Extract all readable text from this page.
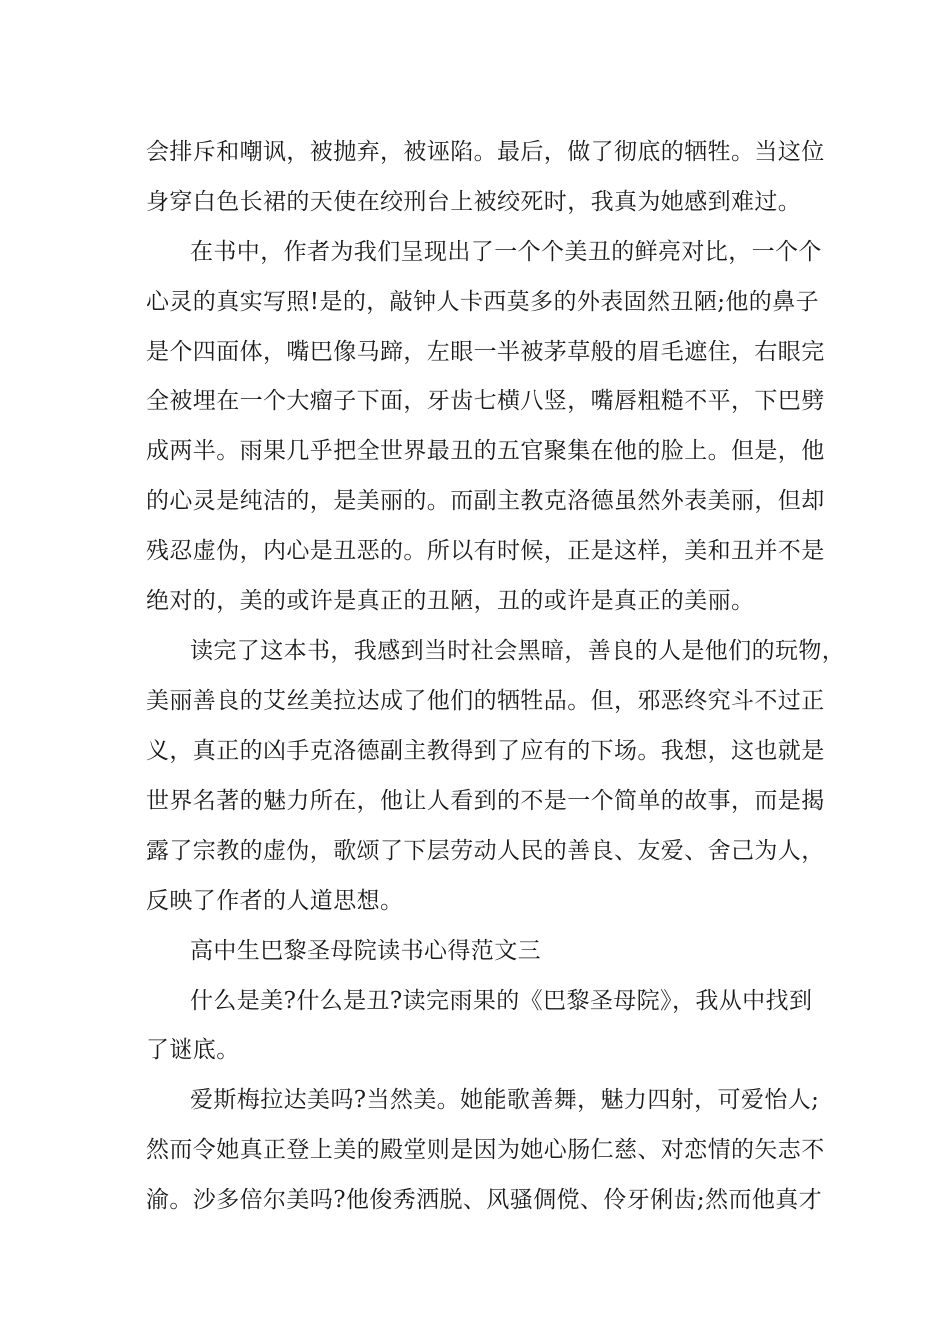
会排斥和嘲讽，被抛弃，被诬陷。最后，做了彻底的牺牲。当这位
身穿白色长裙的天使在绞刑台上被绞死时，我真为她感到难过。
在书中，作者为我们呈现出了一个个美丑的鲜亮对比，一个个
心灵的真实写照!是的，敲钟人卡西莫多的外表固然丑陋;他的鼻子
是个四面体，嘴巴像马蹄，左眼一半被茅草般的眉毛遮住，右眼完
全被埋在一个大瘤子下面，牙齿七横八竖，嘴唇粗糙不平，下巴劈
成两半。雨果几乎把全世界最丑的五官聚集在他的脸上。但是，他
的心灵是纯洁的，是美丽的。而副主教克洛德虽然外表美丽，但却
残忍虚伪，内心是丑恶的。所以有时候，正是这样，美和丑并不是
绝对的，美的或许是真正的丑陋，丑的或许是真正的美丽。
读完了这本书，我感到当时社会黑暗，善良的人是他们的玩物，
美丽善良的艾丝美拉达成了他们的牺牲品。但，邪恶终究斗不过正
义，真正的凶手克洛德副主教得到了应有的下场。我想，这也就是
世界名著的魅力所在，他让人看到的不是一个简单的故事，而是揭
露了宗教的虚伪，歌颂了下层劳动人民的善良、友爱、舍己为人，
反映了作者的人道思想。
高中生巴黎圣母院读书心得范文三
什么是美?什么是丑?读完雨果的《巴黎圣母院》，我从中找到
了谜底。
爱斯梅拉达美吗?当然美。她能歌善舞，魅力四射，可爱怡人;
然而令她真正登上美的殿堂则是因为她心肠仁慈、对恋情的矢志不
渝。沙多倍尔美吗?他俊秀洒脱、风骚倜傥、伶牙俐齿;然而他真才
